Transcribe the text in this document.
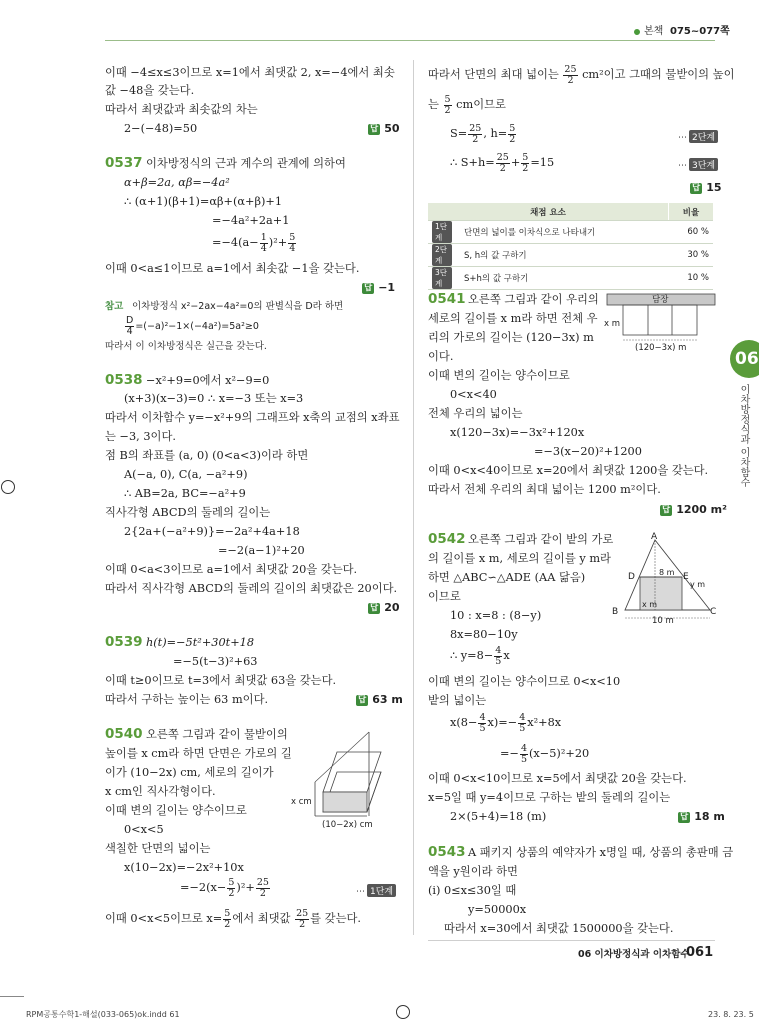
본책 075~077쪽
06
이차방정식과 이차함수
이때 −4≤x≤3이므로 x=1에서 최댓값 2, x=−4에서 최솟
값 −48을 갖는다.
따라서 최댓값과 최솟값의 차는
2−(−48)=50	답 50
0537 이차방정식의 근과 계수의 관계에 의하여
α+β=2a, αβ=−4a²
∴ (α+1)(β+1)=αβ+(α+β)+1
=−4a²+2a+1
$=-4(a- \frac{1}{4} )^2+ \frac{5}{4}$
이때 0<a≤1이므로 a=1에서 최솟값 −1을 갖는다.
답 −1
참고 이차방정식 x²−2ax−4a²=0의 판별식을 D라 하면
$\frac{D}{4} =(-a)^2-1\times(-4a^2)=5a^2\ge 0$
따라서 이 이차방정식은 실근을 갖는다.
0538 −x²+9=0에서 x²−9=0
(x+3)(x−3)=0 ∴ x=−3 또는 x=3
따라서 이차함수 y=−x²+9의 그래프와 x축의 교점의 x좌표
는 −3, 3이다.
점 B의 좌표를 (a, 0) (0<a<3)이라 하면
A(−a, 0), C(a, −a²+9)
∴ AB=2a, BC=−a²+9
직사각형 ABCD의 둘레의 길이는
2{2a+(−a²+9)}=−2a²+4a+18
=−2(a−1)²+20
이때 0<a<3이므로 a=1에서 최댓값 20을 갖는다.
따라서 직사각형 ABCD의 둘레의 길이의 최댓값은 20이다.
답 20
0539 h(t)=−5t²+30t+18
=−5(t−3)²+63
이때 t≥0이므로 t=3에서 최댓값 63을 갖는다.
따라서 구하는 높이는 63 m이다.	답 63 m
0540 오른쪽 그림과 같이 물받이의
높이를 x cm라 하면 단면은 가로의 길
이가 (10−2x) cm, 세로의 길이가
x cm인 직사각형이다.
이때 변의 길이는 양수이므로
0<x<5
색칠한 단면의 넓이는
x(10−2x)=−2x²+10x
$=-2(x- \frac{5}{2} )^2+ \frac{25}{2}$	⋯ 1단계
이때 0<x<5이므로 $x= \frac{5}{2}$ 에서 최댓값 $\frac{25}{2}$ 를 갖는다.
x cm
(10−2x) cm
따라서 단면의 최대 넓이는 $\frac{25}{2} cm^2$이고 그때의 물받이의 높이
는 $\frac{5}{2}$ cm이므로
$S= \frac{25}{2}$ , $h= \frac{5}{2}$	⋯ 2단계
∴ $S+h= \frac{25}{2} + \frac{5}{2} =15$	⋯ 3단계
답 15
채점 요소		비율
1단계	단면의 넓이를 이차식으로 나타내기	60 %
2단계	S, h의 값 구하기	30 %
3단계	S+h의 값 구하기	10 %
0541 오른쪽 그림과 같이 우리의
세로의 길이를 x m라 하면 전체 우
리의 가로의 길이는 (120−3x) m
이다.
이때 변의 길이는 양수이므로
0<x<40
전체 우리의 넓이는
x(120−3x)=−3x²+120x
=−3(x−20)²+1200
이때 0<x<40이므로 x=20에서 최댓값 1200을 갖는다.
따라서 전체 우리의 최대 넓이는 1200 m²이다.
답 1200 m²
담장
x m
(120−3x) m
0542 오른쪽 그림과 같이 밭의 가로
의 길이를 x m, 세로의 길이를 y m라
하면 △ABC∽△ADE (AA 닮음)
이므로
10 : x=8 : (8−y)
8x=80−10y
∴ $y=8- \frac{4}{5}$ x
이때 변의 길이는 양수이므로 0<x<10
밭의 넓이는
$x(8- \frac{4}{5} x)=- \frac{4}{5} x^2+8x$
=− $\frac{4}{5} (x-5)^2+20$
이때 0<x<10이므로 x=5에서 최댓값 20을 갖는다.
x=5일 때 y=4이므로 구하는 밭의 둘레의 길이는
2×(5+4)=18 (m)	답 18 m
A
B	C
D	E
8 m
y m
x m
10 m
0543 A 패키지 상품의 예약자가 x명일 때, 상품의 총판매 금
액을 y원이라 하면
(i) 0≤x≤30일 때
y=50000x
따라서 x=30에서 최댓값 1500000을 갖는다.
06 이차방정식과 이차함수
061
RPM공통수학1-해설(033-065)ok.indd 61	23. 8. 23. 5
